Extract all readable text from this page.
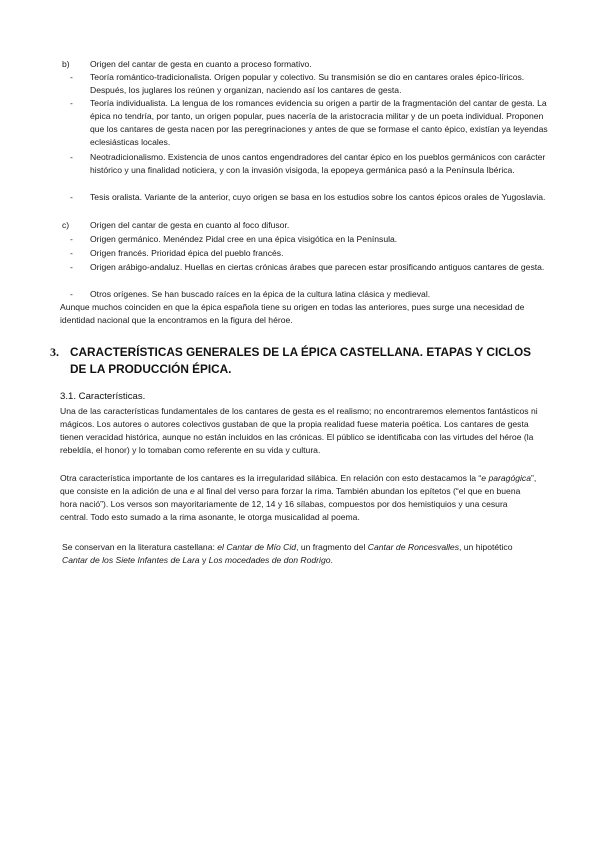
b) Origen del cantar de gesta en cuanto a proceso formativo.
- Teoría romántico-tradicionalista. Origen popular y colectivo. Su transmisión se dio en cantares orales épico-líricos. Después, los juglares los reúnen y organizan, naciendo así los cantares de gesta.
- Teoría individualista. La lengua de los romances evidencia su origen a partir de la fragmentación del cantar de gesta. La épica no tendría, por tanto, un origen popular, pues nacería de la aristocracia militar y de un poeta individual. Proponen que los cantares de gesta nacen por las peregrinaciones y antes de que se formase el canto épico, existían ya leyendas eclesiásticas locales.
- Neotradicionalismo. Existencia de unos cantos engendradores del cantar épico en los pueblos germánicos con carácter histórico y una finalidad noticiera, y con la invasión visigoda, la epopeya germánica pasó a la Península Ibérica.
- Tesis oralista. Variante de la anterior, cuyo origen se basa en los estudios sobre los cantos épicos orales de Yugoslavia.
c) Origen del cantar de gesta en cuanto al foco difusor.
- Origen germánico. Menéndez Pidal cree en una épica visigótica en la Península.
- Origen francés. Prioridad épica del pueblo francés.
- Origen arábigo-andaluz. Huellas en ciertas crónicas árabes que parecen estar prosificando antiguos cantares de gesta.
- Otros orígenes. Se han buscado raíces en la épica de la cultura latina clásica y medieval.
Aunque muchos coinciden en que la épica española tiene su origen en todas las anteriores, pues surge una necesidad de identidad nacional que la encontramos en la figura del héroe.
3. CARACTERÍSTICAS GENERALES DE LA ÉPICA CASTELLANA. ETAPAS Y CICLOS DE LA PRODUCCIÓN ÉPICA.
3.1. Características.
Una de las características fundamentales de los cantares de gesta es el realismo; no encontraremos elementos fantásticos ni mágicos. Los autores o autores colectivos gustaban de que la propia realidad fuese materia poética. Los cantares de gesta tienen veracidad histórica, aunque no están incluidos en las crónicas. El público se identificaba con las virtudes del héroe (la rebeldía, el honor) y lo tomaban como referente en su vida y cultura.
Otra característica importante de los cantares es la irregularidad silábica. En relación con esto destacamos la “e paragógica”, que consiste en la adición de una e al final del verso para forzar la rima. También abundan los epítetos (“el que en buena hora nació”). Los versos son mayoritariamente de 12, 14 y 16 sílabas, compuestos por dos hemistiquios y una cesura central. Todo esto sumado a la rima asonante, le otorga musicalidad al poema.
Se conservan en la literatura castellana: el Cantar de Mío Cid, un fragmento del Cantar de Roncesvalles, un hipotético Cantar de los Siete Infantes de Lara y Los mocedades de don Rodrigo.
